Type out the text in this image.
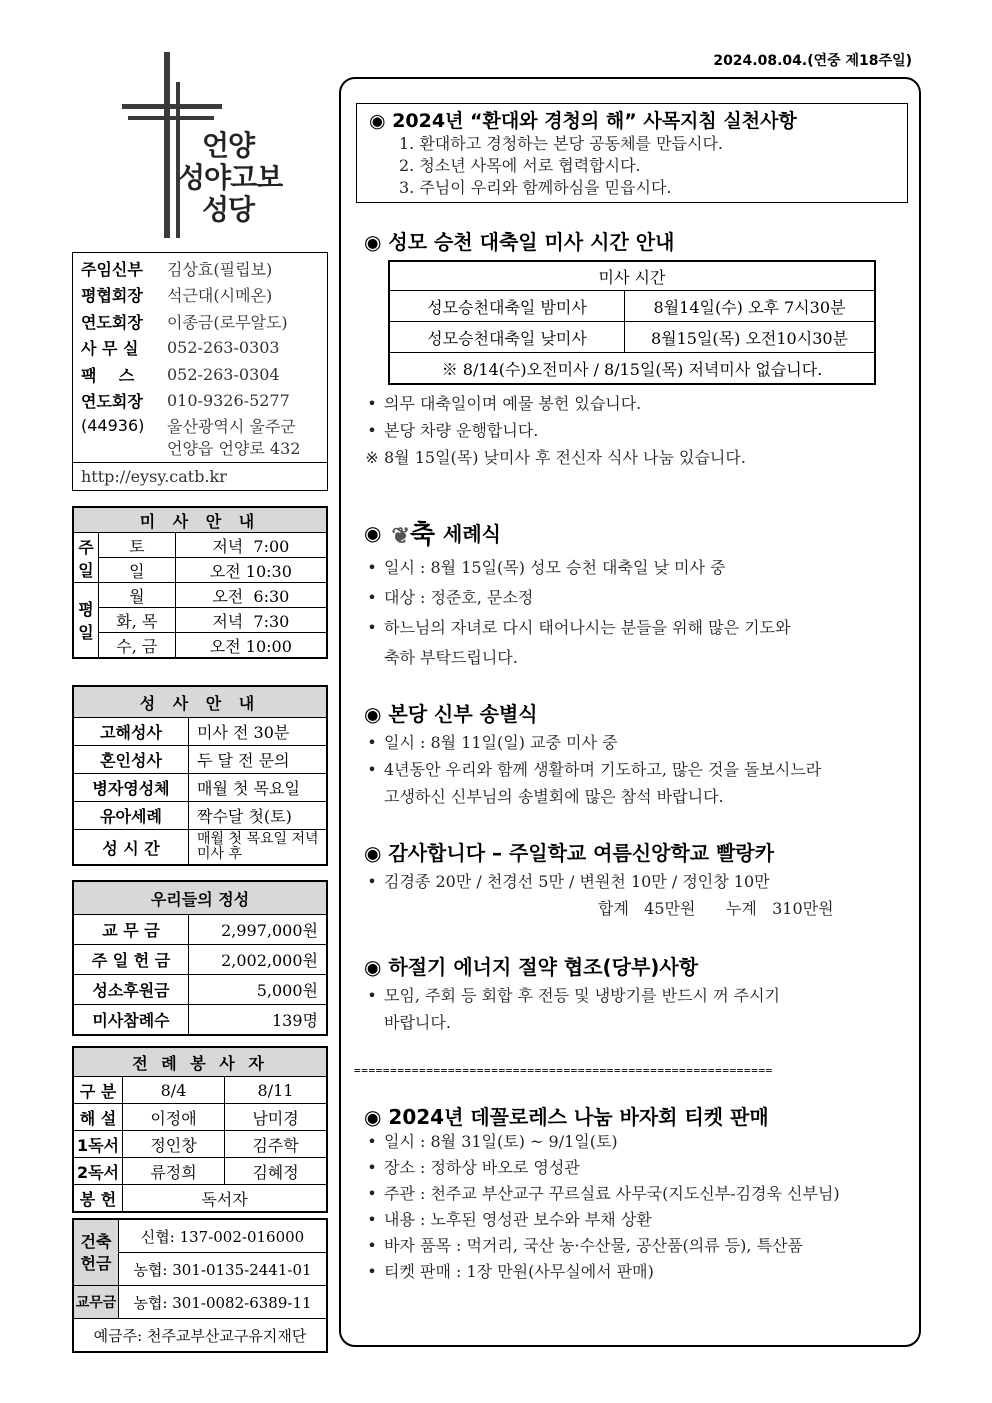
2024.08.04.(연중 제18주일)
언양
성야고보
성당
주임신부	김상효(필립보)
평협회장	석근대(시메온)
연도회장	이종금(로무알도)
사 무 실	052-263-0303
팩    스	052-263-0304
연도회장	010-9326-5277
(44936)	울산광역시 울주군
언양읍 언양로 432
http://eysy.catb.kr
미 사 안 내		
주일	토	저녁  7:00
	일	오전 10:30
평일	월	오전  6:30
	화, 목	저녁  7:30
	수, 금	오전 10:00
성 사 안 내	
고해성사	미사 전 30분
혼인성사	두 달 전 문의
병자영성체	매월 첫 목요일
유아세례	짝수달 첫(토)
성 시 간	매월 첫 목요일 저녁미사 후
우리들의 정성	
교 무 금	2,997,000원
주 일 헌 금	2,002,000원
성소후원금	5,000원
미사참례수	139명
전 례 봉 사 자		
구 분	8/4	8/11
해 설	이정애	남미경
1독서	정인창	김주학
2독서	류정희	김혜정
봉 헌	독서자	
건축
헌금	신협: 137-002-016000
	농협: 301-0135-2441-01
교무금	농협: 301-0082-6389-11
예금주: 천주교부산교구유지재단	
◉ 2024년 “환대와 경청의 해” 사목지침 실천사항
1. 환대하고 경청하는 본당 공동체를 만듭시다.
2. 청소년 사목에 서로 협력합시다.
3. 주님이 우리와 함께하심을 믿읍시다.
◉ 성모 승천 대축일 미사 시간 안내
미사 시간	
성모승천대축일 밤미사	8월14일(수) 오후 7시30분
성모승천대축일 낮미사	8월15일(목) 오전10시30분
※ 8/14(수)오전미사 / 8/15일(목) 저녁미사 없습니다.	
• 의무 대축일이며 예물 봉헌 있습니다.
• 본당 차량 운행합니다.
※ 8월 15일(목) 낮미사 후 전신자 식사 나눔 있습니다.
◉ ❦축 세례식
• 일시 : 8월 15일(목) 성모 승천 대축일 낮 미사 중
• 대상 : 정준호, 문소정
• 하느님의 자녀로 다시 태어나시는 분들을 위해 많은 기도와
축하 부탁드립니다.
◉ 본당 신부 송별식
• 일시 : 8월 11일(일) 교중 미사 중
• 4년동안 우리와 함께 생활하며 기도하고, 많은 것을 돌보시느라
고생하신 신부님의 송별회에 많은 참석 바랍니다.
◉ 감사합니다 – 주일학교 여름신앙학교 빨랑카
• 김경종 20만 / 천경선 5만 / 변원천 10만 / 정인창 10만
합계   45만원      누계   310만원
◉ 하절기 에너지 절약 협조(당부)사항
• 모임, 주회 등 회합 후 전등 및 냉방기를 반드시 꺼 주시기
바랍니다.
==========================================================
◉ 2024년 데꼴로레스 나눔 바자회 티켓 판매
• 일시 : 8월 31일(토) ~ 9/1일(토)
• 장소 : 정하상 바오로 영성관
• 주관 : 천주교 부산교구 꾸르실료 사무국(지도신부-김경욱 신부님)
• 내용 : 노후된 영성관 보수와 부채 상환
• 바자 품목 : 먹거리, 국산 농·수산물, 공산품(의류 등), 특산품
• 티켓 판매 : 1장 만원(사무실에서 판매)
